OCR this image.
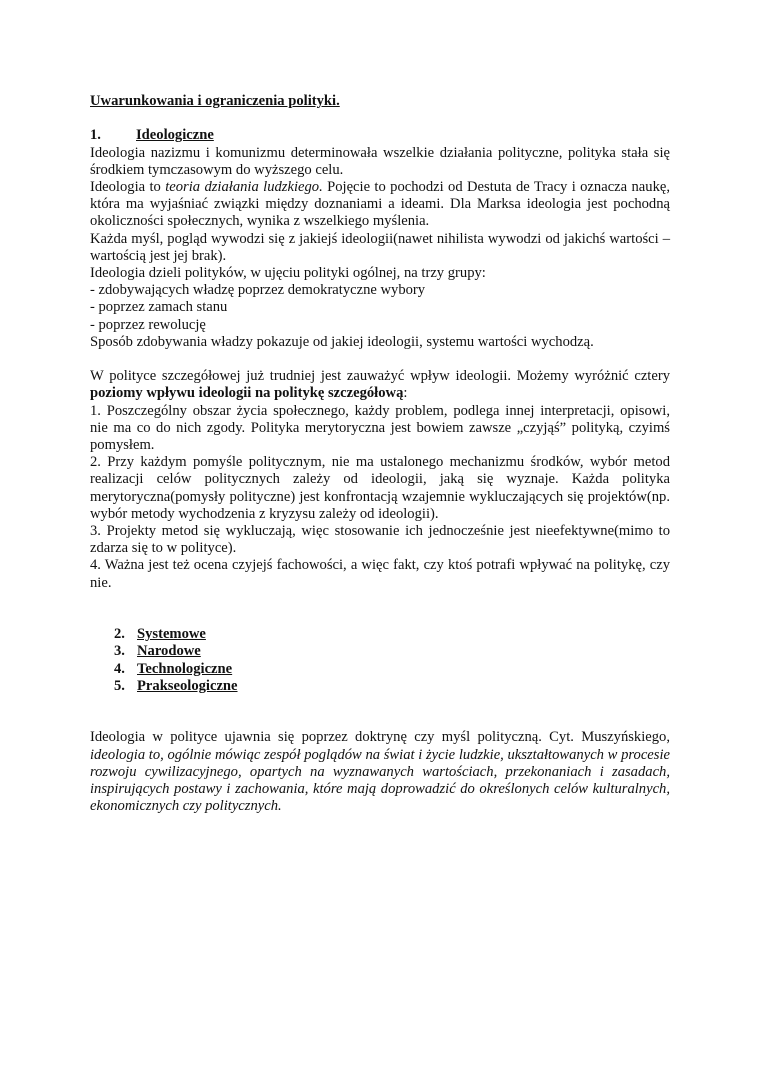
Uwarunkowania i ograniczenia polityki.

1.	Ideologiczne

Ideologia nazizmu i komunizmu determinowała wszelkie działania polityczne, polityka stała się środkiem tymczasowym do wyższego celu.

Ideologia to teoria działania ludzkiego. Pojęcie to pochodzi od Destuta de Tracy i oznacza naukę, która ma wyjaśniać związki między doznaniami a ideami. Dla Marksa ideologia jest pochodną okoliczności społecznych, wynika z wszelkiego myślenia.

Każda myśl, pogląd wywodzi się z jakiejś ideologii(nawet nihilista wywodzi od jakichś wartości – wartością jest jej brak).

Ideologia dzieli polityków, w ujęciu polityki ogólnej, na trzy grupy:

- zdobywających władzę poprzez demokratyczne wybory

- poprzez zamach stanu

- poprzez rewolucję

Sposób zdobywania władzy pokazuje od jakiej ideologii, systemu wartości wychodzą.

W polityce szczegółowej już trudniej jest zauważyć wpływ ideologii. Możemy wyróżnić cztery poziomy wpływu ideologii na politykę szczegółową:

1. Poszczególny obszar życia społecznego, każdy problem, podlega innej interpretacji, opisowi, nie ma co do nich zgody. Polityka merytoryczna jest bowiem zawsze „czyjąś” polityką, czyimś pomysłem.

2. Przy każdym pomyśle politycznym, nie ma ustalonego mechanizmu środków, wybór metod realizacji celów politycznych zależy od ideologii, jaką się wyznaje. Każda polityka merytoryczna(pomysły polityczne) jest konfrontacją wzajemnie wykluczających się projektów(np. wybór metody wychodzenia z kryzysu zależy od ideologii).

3. Projekty metod się wykluczają, więc stosowanie ich jednocześnie jest nieefektywne(mimo to zdarza się to w polityce).

4. Ważna jest też ocena czyjejś fachowości, a więc fakt, czy ktoś potrafi wpływać na politykę, czy nie.

2. Systemowe
3. Narodowe
4. Technologiczne
5. Prakseologiczne

Ideologia w polityce ujawnia się poprzez doktrynę czy myśl polityczną. Cyt. Muszyńskiego, ideologia to, ogólnie mówiąc zespół poglądów na świat i życie ludzkie, ukształtowanych w procesie rozwoju cywilizacyjnego, opartych na wyznawanych wartościach, przekonaniach i zasadach, inspirujących postawy i zachowania, które mają doprowadzić do określonych celów kulturalnych, ekonomicznych czy politycznych.
